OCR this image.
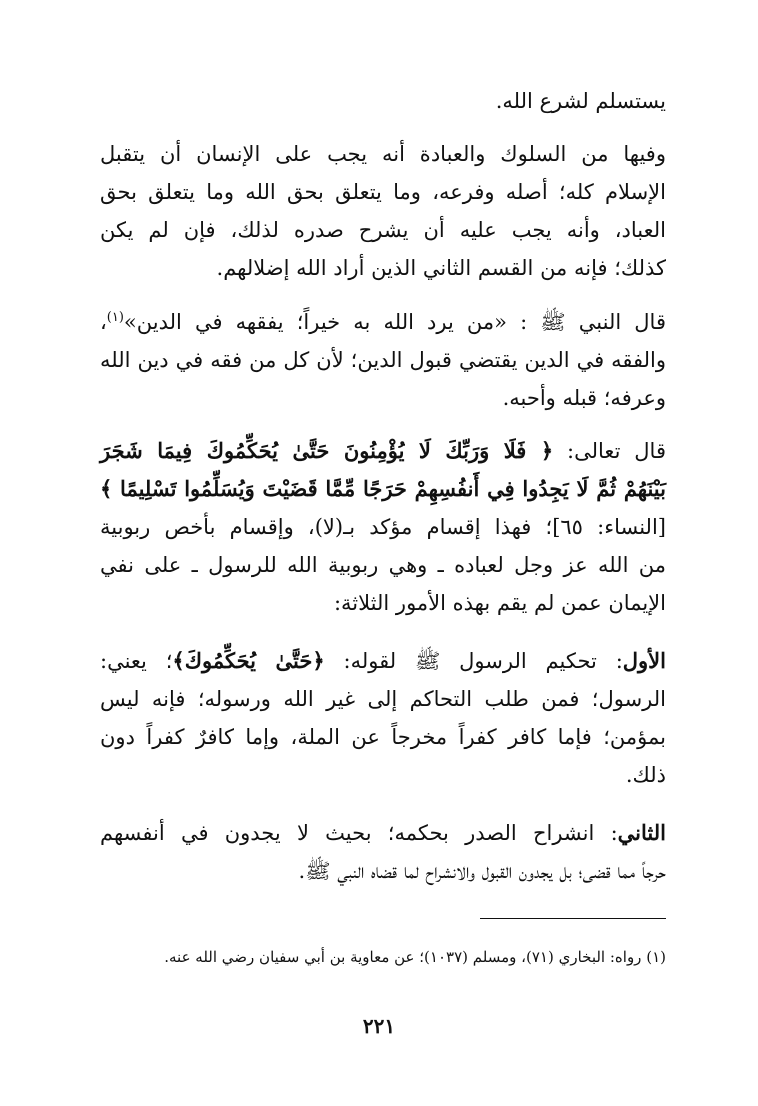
يستسلم لشرع الله.
وفيها من السلوك والعبادة أنه يجب على الإنسان أن يتقبل
الإسلام كله؛ أصله وفرعه، وما يتعلق بحق الله وما يتعلق بحق
العباد، وأنه يجب عليه أن يشرح صدره لذلك، فإن لم يكن
كذلك؛ فإنه من القسم الثاني الذين أراد الله إضلالهم.
قال النبي ﷺ : «من يرد الله به خيراً؛ يفقهه في الدين»$^{(١)}$،
والفقه في الدين يقتضي قبول الدين؛ لأن كل من فقه في دين الله
وعرفه؛ قبله وأحبه.
قال تعالى: ﴿ فَلَا وَرَبِّكَ لَا يُؤْمِنُونَ حَتَّىٰ يُحَكِّمُوكَ فِيمَا شَجَرَ
بَيْنَهُمْ ثُمَّ لَا يَجِدُوا فِي أَنفُسِهِمْ حَرَجًا مِّمَّا قَضَيْتَ وَيُسَلِّمُوا تَسْلِيمًا ﴾
[النساء: ٦٥]؛ فهذا إقسام مؤكد بـ(لا)، وإقسام بأخص ربوبية
من الله عز وجل لعباده ـ وهي ربوبية الله للرسول ـ على نفي
الإيمان عمن لم يقم بهذه الأمور الثلاثة:
الأول: تحكيم الرسول ﷺ لقوله: ﴿حَتَّىٰ يُحَكِّمُوكَ﴾؛ يعني:
الرسول؛ فمن طلب التحاكم إلى غير الله ورسوله؛ فإنه ليس
بمؤمن؛ فإما كافر كفراً مخرجاً عن الملة، وإما كافرٌ كفراً دون
ذلك.
الثاني: انشراح الصدر بحكمه؛ بحيث لا يجدون في أنفسهم
حرجاً مما قضى؛ بل يجدون القبول والانشراح لما قضاه النبي ﷺ.
(١) رواه: البخاري (٧١)، ومسلم (١٠٣٧)؛ عن معاوية بن أبي سفيان رضي الله عنه.
٢٢١
